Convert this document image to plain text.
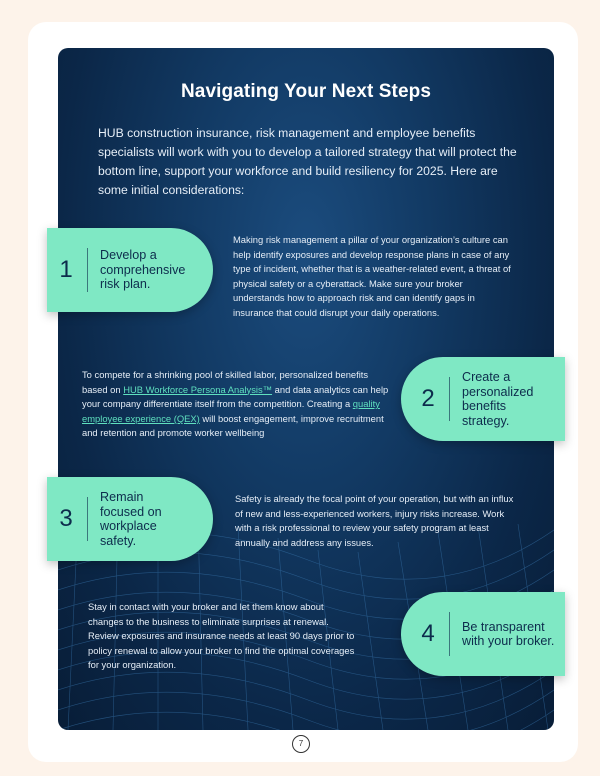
Navigating Your Next Steps
HUB construction insurance, risk management and employee benefits specialists will work with you to develop a tailored strategy that will protect the bottom line, support your workforce and build resiliency for 2025. Here are some initial considerations:
Making risk management a pillar of your organization’s culture can help identify exposures and develop response plans in case of any type of incident, whether that is a weather-related event, a threat of physical safety or a cyberattack. Make sure your broker understands how to approach risk and can identify gaps in insurance that could disrupt your daily operations.
To compete for a shrinking pool of skilled labor, personalized benefits based on HUB Workforce Persona Analysis™ and data analytics can help your company differentiate itself from the competition. Creating a quality employee experience (QEX) will boost engagement, improve recruitment and retention and promote worker wellbeing
Safety is already the focal point of your operation, but with an influx of new and less-experienced workers, injury risks increase. Work with a risk professional to review your safety program at least annually and address any issues.
Stay in contact with your broker and let them know about changes to the business to eliminate surprises at renewal. Review exposures and insurance needs at least 90 days prior to policy renewal to allow your broker to find the optimal coverages for your organization.
1
Develop a comprehensive risk plan.
2
Create a personalized benefits strategy.
3
Remain focused on workplace safety.
4	Be transparent with your broker.
7
